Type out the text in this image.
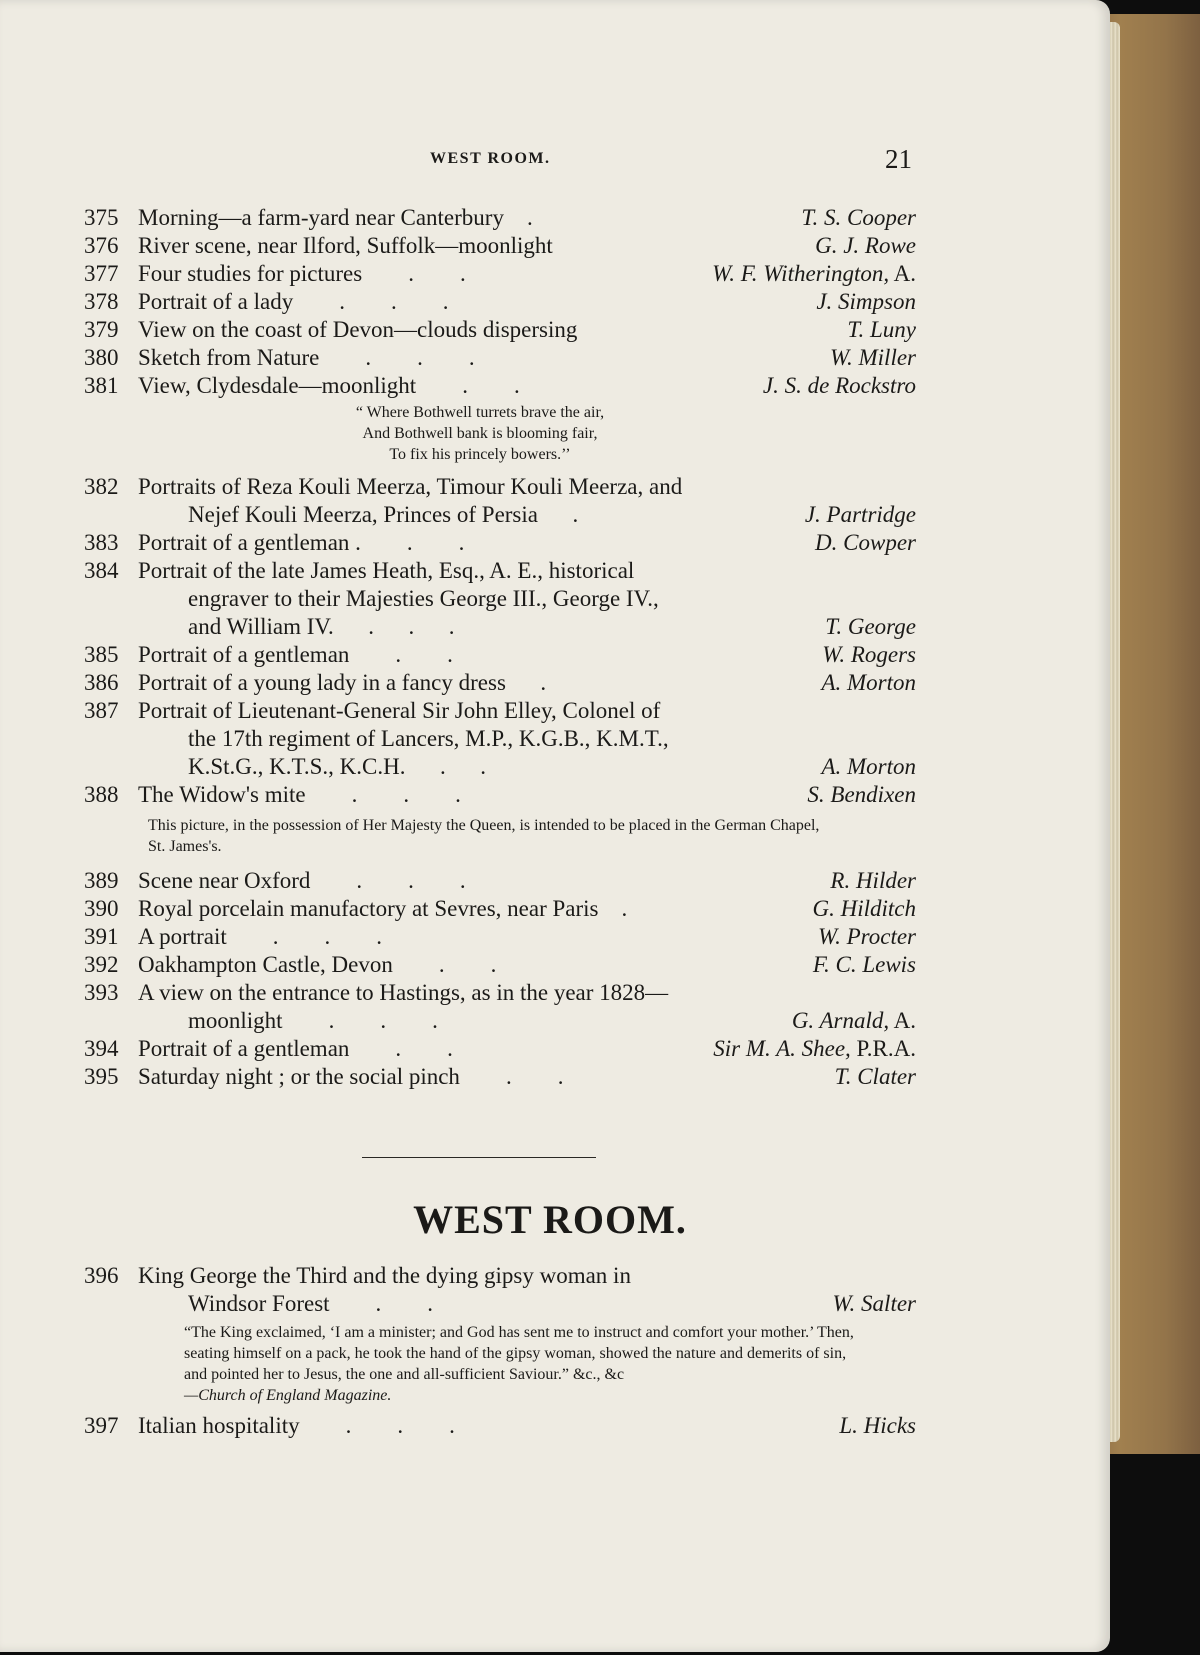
WEST ROOM.	21
375 Morning—a farm-yard near Canterbury    .	T. S. Cooper
376 River scene, near Ilford, Suffolk—moonlight	G. J. Rowe
377 Four studies for pictures        .        .	W. F. Witherington, A.
378 Portrait of a lady        .        .        .	J. Simpson
379 View on the coast of Devon—clouds dispersing	T. Luny
380 Sketch from Nature        .        .        .	W. Miller
381 View, Clydesdale—moonlight        .        .	J. S. de Rockstro
“ Where Bothwell turrets brave the air,
And Bothwell bank is blooming fair,
To fix his princely bowers.’’
382 Portraits of Reza Kouli Meerza, Timour Kouli Meerza, and
Nejef Kouli Meerza, Princes of Persia      .	J. Partridge
383 Portrait of a gentleman .        .        .	D. Cowper
384 Portrait of the late James Heath, Esq., A. E., historical
engraver to their Majesties George III., George IV.,
and William IV.      .      .      .	T. George
385 Portrait of a gentleman        .        .	W. Rogers
386 Portrait of a young lady in a fancy dress      .	A. Morton
387 Portrait of Lieutenant-General Sir John Elley, Colonel of
the 17th regiment of Lancers, M.P., K.G.B., K.M.T.,
K.St.G., K.T.S., K.C.H.      .      .	A. Morton
388 The Widow's mite        .        .        .	S. Bendixen
This picture, in the possession of Her Majesty the Queen, is intended to be placed in the German Chapel, St. James's.
389 Scene near Oxford        .        .        .	R. Hilder
390 Royal porcelain manufactory at Sevres, near Paris    .	G. Hilditch
391 A portrait        .        .        .	W. Procter
392 Oakhampton Castle, Devon        .        .	F. C. Lewis
393 A view on the entrance to Hastings, as in the year 1828—
moonlight        .        .        .	G. Arnald, A.
394 Portrait of a gentleman        .        .	Sir M. A. Shee, P.R.A.
395 Saturday night ; or the social pinch        .        .	T. Clater
WEST ROOM.
396 King George the Third and the dying gipsy woman in
Windsor Forest        .        .	W. Salter
“The King exclaimed, ‘I am a minister; and God has sent me to instruct and comfort your mother.’ Then, seating himself on a pack, he took the hand of the gipsy woman, showed the nature and demerits of sin, and pointed her to Jesus, the one and all-sufficient Saviour.” &c., &c
—Church of England Magazine.
397 Italian hospitality        .        .        .	L. Hicks
